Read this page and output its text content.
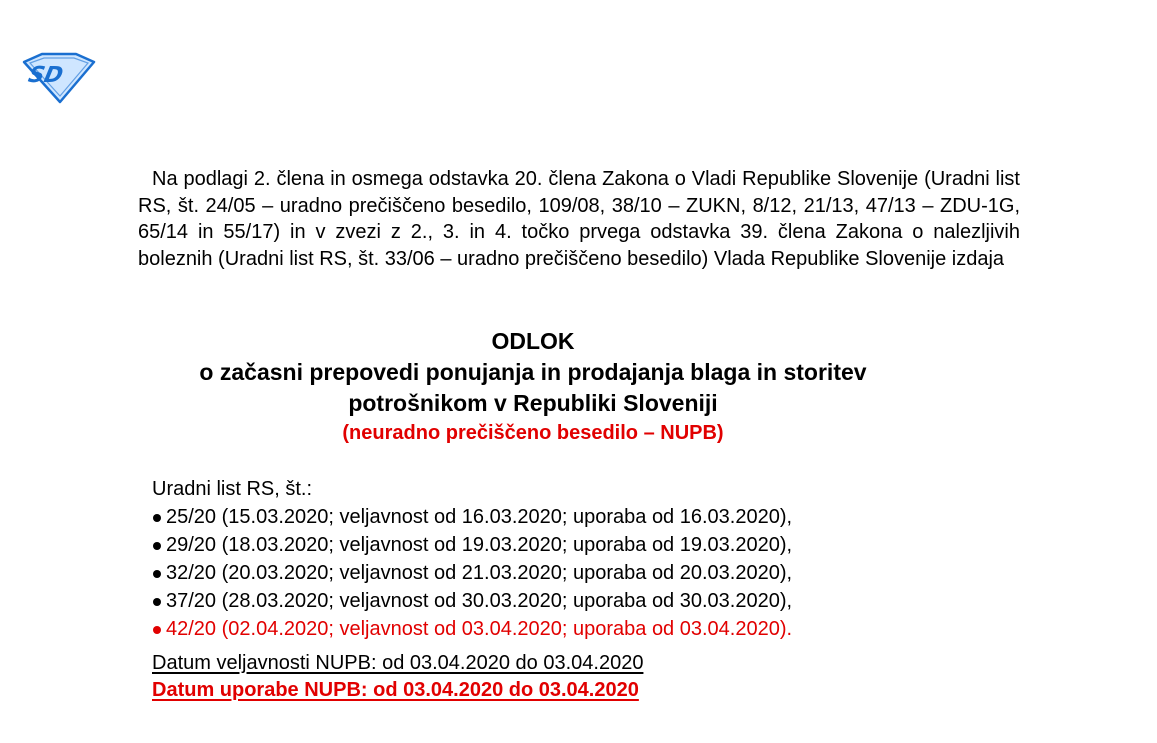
SD

Na podlagi 2. člena in osmega odstavka 20. člena Zakona o Vladi Republike Slovenije (Uradni list RS, št. 24/05 – uradno prečiščeno besedilo, 109/08, 38/10 – ZUKN, 8/12, 21/13, 47/13 – ZDU-1G, 65/14 in 55/17) in v zvezi z 2., 3. in 4. točko prvega odstavka 39. člena Zakona o nalezljivih boleznih (Uradni list RS, št. 33/06 – uradno prečiščeno besedilo) Vlada Republike Slovenije izdaja

ODLOK

o začasni prepovedi ponujanja in prodajanja blaga in storitev

potrošnikom v Republiki Sloveniji

(neuradno prečiščeno besedilo – NUPB)

Uradni list RS, št.:

25/20 (15.03.2020; veljavnost od 16.03.2020; uporaba od 16.03.2020),
29/20 (18.03.2020; veljavnost od 19.03.2020; uporaba od 19.03.2020),
32/20 (20.03.2020; veljavnost od 21.03.2020; uporaba od 20.03.2020),
37/20 (28.03.2020; veljavnost od 30.03.2020; uporaba od 30.03.2020),
42/20 (02.04.2020; veljavnost od 03.04.2020; uporaba od 03.04.2020).

Datum veljavnosti NUPB: od 03.04.2020 do 03.04.2020

Datum uporabe NUPB: od 03.04.2020 do 03.04.2020
